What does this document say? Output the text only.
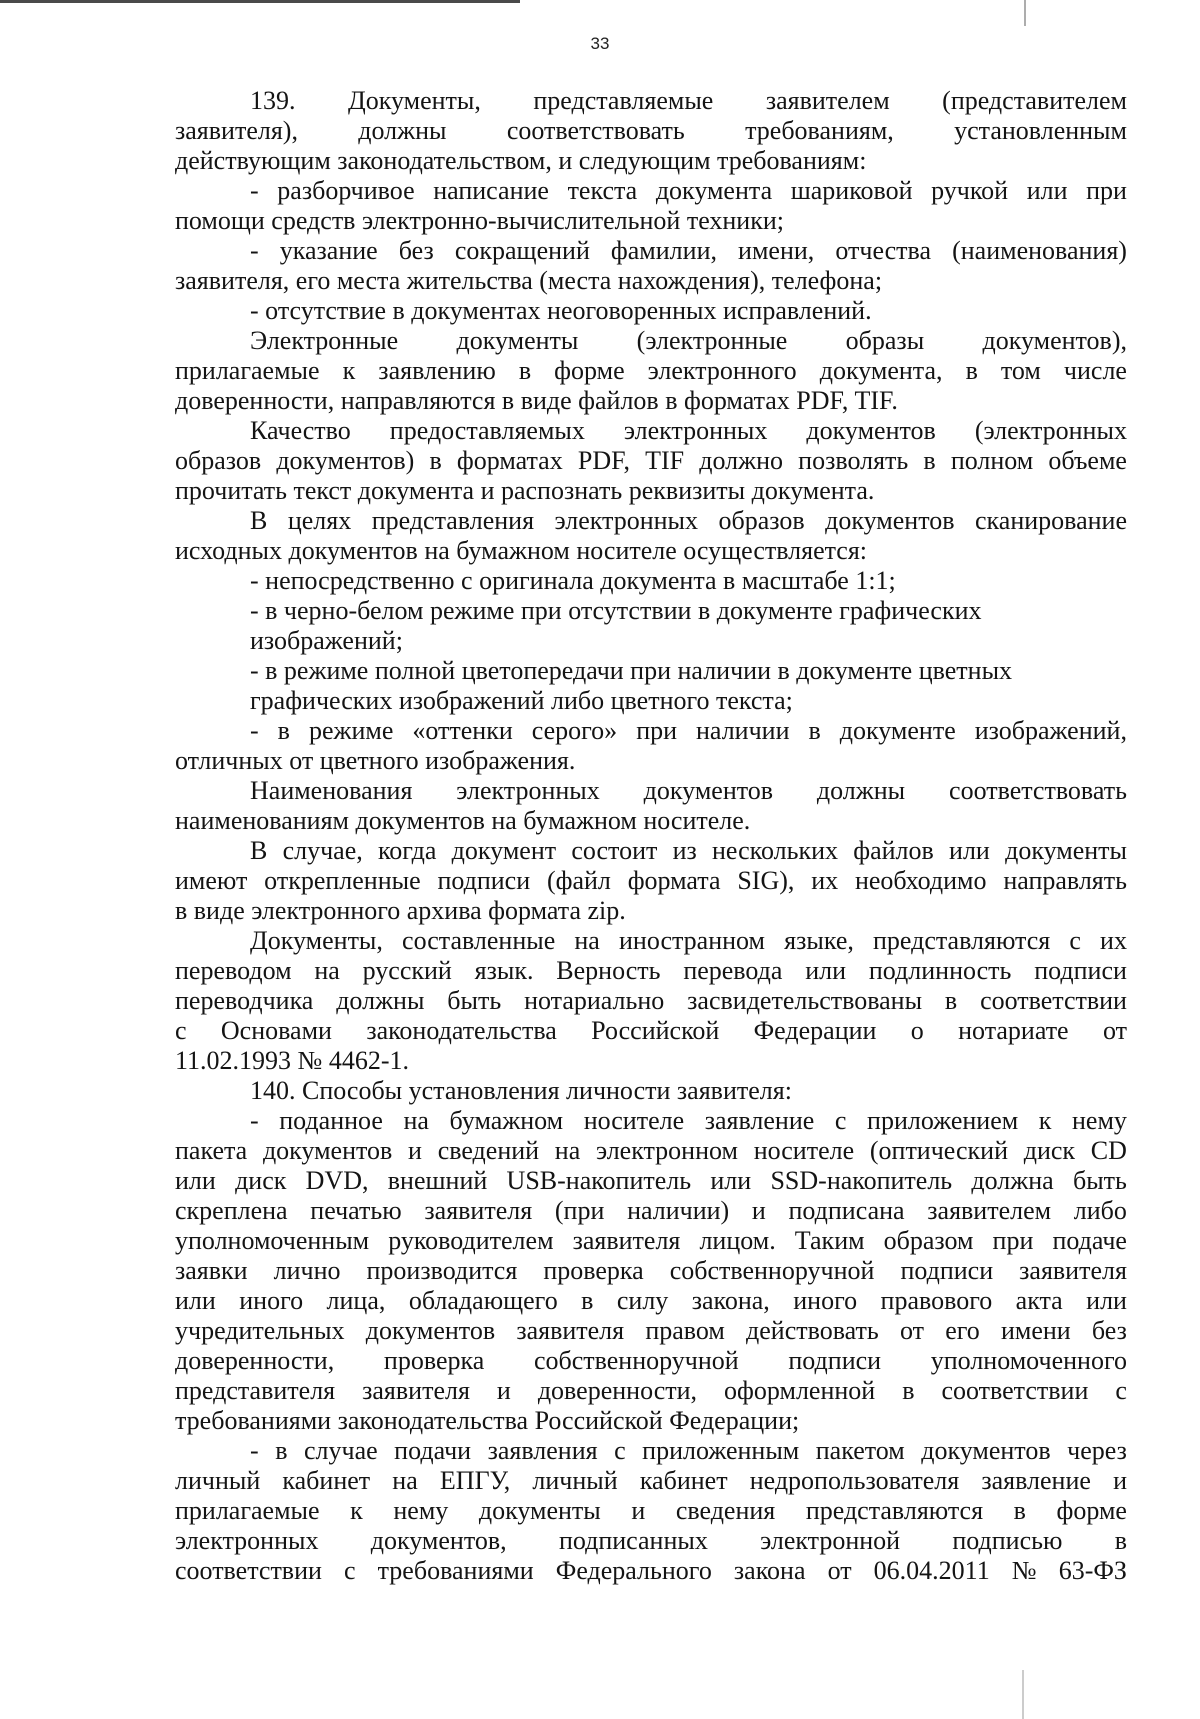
33
139. Документы, представляемые заявителем (представителем
заявителя), должны соответствовать требованиям, установленным
действующим законодательством, и следующим требованиям:
- разборчивое написание текста документа шариковой ручкой или при
помощи средств электронно-вычислительной техники;
- указание без сокращений фамилии, имени, отчества (наименования)
заявителя, его места жительства (места нахождения), телефона;
- отсутствие в документах неоговоренных исправлений.
Электронные документы (электронные образы документов),
прилагаемые к заявлению в форме электронного документа, в том числе
доверенности, направляются в виде файлов в форматах PDF, TIF.
Качество предоставляемых электронных документов (электронных
образов документов) в форматах PDF, TIF должно позволять в полном объеме
прочитать текст документа и распознать реквизиты документа.
В целях представления электронных образов документов сканирование
исходных документов на бумажном носителе осуществляется:
- непосредственно с оригинала документа в масштабе 1:1;
- в черно-белом режиме при отсутствии в документе графических
изображений;
- в режиме полной цветопередачи при наличии в документе цветных
графических изображений либо цветного текста;
- в режиме «оттенки серого» при наличии в документе изображений,
отличных от цветного изображения.
Наименования электронных документов должны соответствовать
наименованиям документов на бумажном носителе.
В случае, когда документ состоит из нескольких файлов или документы
имеют открепленные подписи (файл формата SIG), их необходимо направлять
в виде электронного архива формата zip.
Документы, составленные на иностранном языке, представляются с их
переводом на русский язык. Верность перевода или подлинность подписи
переводчика должны быть нотариально засвидетельствованы в соответствии
с Основами законодательства Российской Федерации о нотариате от
11.02.1993 № 4462-1.
140. Способы установления личности заявителя:
- поданное на бумажном носителе заявление с приложением к нему
пакета документов и сведений на электронном носителе (оптический диск CD
или диск DVD, внешний USB-накопитель или SSD-накопитель должна быть
скреплена печатью заявителя (при наличии) и подписана заявителем либо
уполномоченным руководителем заявителя лицом. Таким образом при подаче
заявки лично производится проверка собственноручной подписи заявителя
или иного лица, обладающего в силу закона, иного правового акта или
учредительных документов заявителя правом действовать от его имени без
доверенности, проверка собственноручной подписи уполномоченного
представителя заявителя и доверенности, оформленной в соответствии с
требованиями законодательства Российской Федерации;
- в случае подачи заявления с приложенным пакетом документов через
личный кабинет на ЕПГУ, личный кабинет недропользователя заявление и
прилагаемые к нему документы и сведения представляются в форме
электронных документов, подписанных электронной подписью в
соответствии с требованиями Федерального закона от 06.04.2011 № 63-ФЗ
